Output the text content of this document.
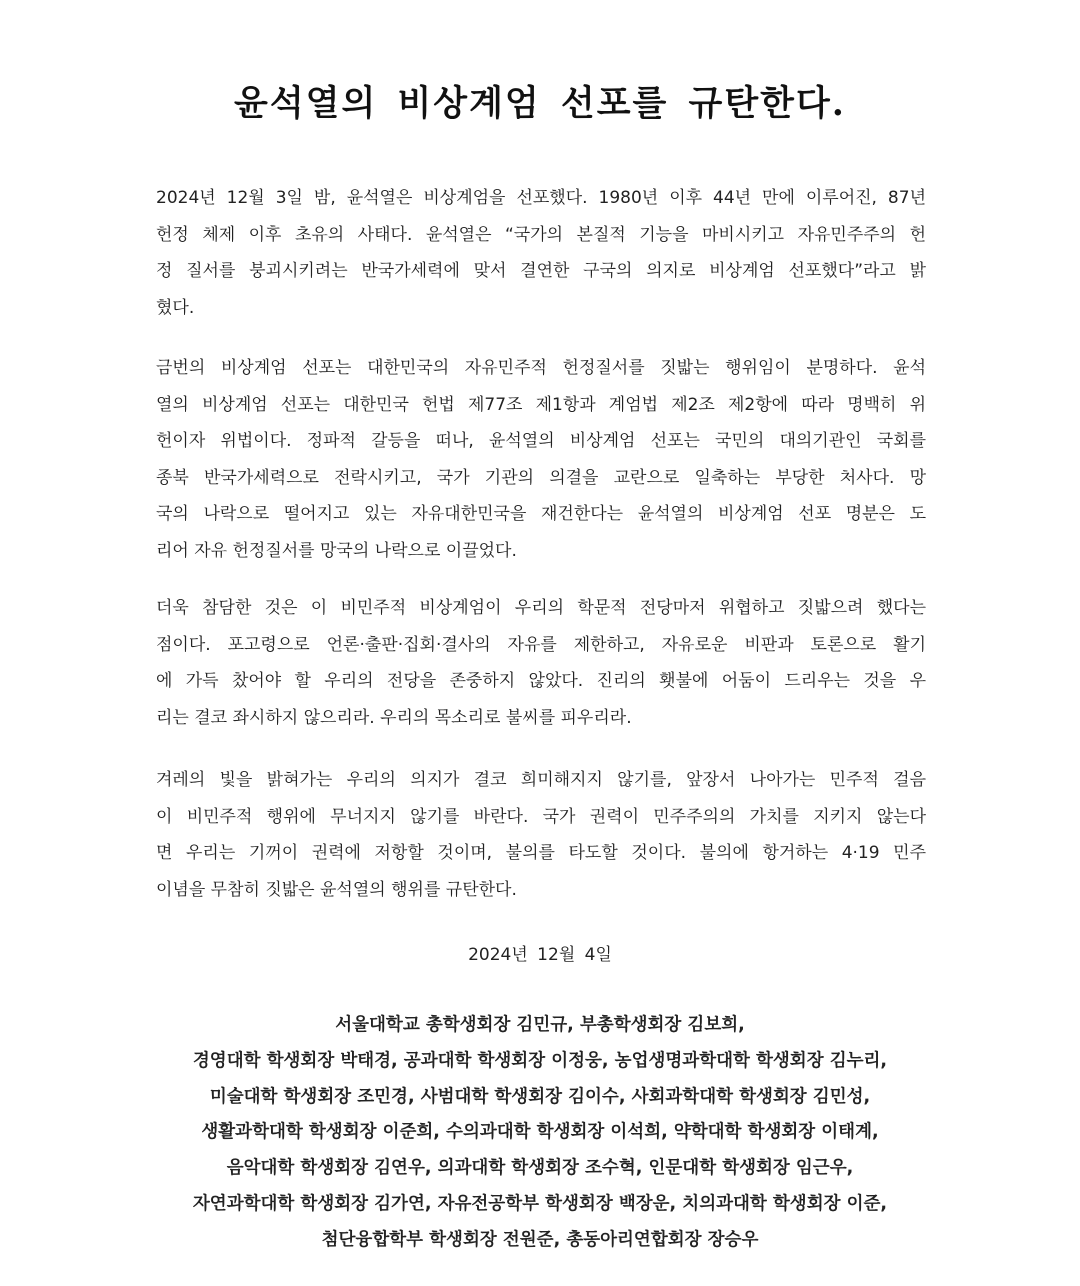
윤석열의 비상계엄 선포를 규탄한다.
2024년 12월 3일 밤, 윤석열은 비상계엄을 선포했다. 1980년 이후 44년 만에 이루어진, 87년
헌정 체제 이후 초유의 사태다. 윤석열은 “국가의 본질적 기능을 마비시키고 자유민주주의 헌
정 질서를 붕괴시키려는 반국가세력에 맞서 결연한 구국의 의지로 비상계엄 선포했다”라고 밝
혔다.
금번의 비상계엄 선포는 대한민국의 자유민주적 헌정질서를 짓밟는 행위임이 분명하다. 윤석
열의 비상계엄 선포는 대한민국 헌법 제77조 제1항과 계엄법 제2조 제2항에 따라 명백히 위
헌이자 위법이다. 정파적 갈등을 떠나, 윤석열의 비상계엄 선포는 국민의 대의기관인 국회를
종북 반국가세력으로 전락시키고, 국가 기관의 의결을 교란으로 일축하는 부당한 처사다. 망
국의 나락으로 떨어지고 있는 자유대한민국을 재건한다는 윤석열의 비상계엄 선포 명분은 도
리어 자유 헌정질서를 망국의 나락으로 이끌었다.
더욱 참담한 것은 이 비민주적 비상계엄이 우리의 학문적 전당마저 위협하고 짓밟으려 했다는
점이다. 포고령으로 언론·출판·집회·결사의 자유를 제한하고, 자유로운 비판과 토론으로 활기
에 가득 찼어야 할 우리의 전당을 존중하지 않았다. 진리의 횃불에 어둠이 드리우는 것을 우
리는 결코 좌시하지 않으리라. 우리의 목소리로 불씨를 피우리라.
겨레의 빛을 밝혀가는 우리의 의지가 결코 희미해지지 않기를, 앞장서 나아가는 민주적 걸음
이 비민주적 행위에 무너지지 않기를 바란다. 국가 권력이 민주주의의 가치를 지키지 않는다
면 우리는 기꺼이 권력에 저항할 것이며, 불의를 타도할 것이다. 불의에 항거하는 4·19 민주
이념을 무참히 짓밟은 윤석열의 행위를 규탄한다.
2024년 12월 4일
서울대학교 총학생회장 김민규, 부총학생회장 김보희,
경영대학 학생회장 박태경, 공과대학 학생회장 이정웅, 농업생명과학대학 학생회장 김누리,
미술대학 학생회장 조민경, 사범대학 학생회장 김이수, 사회과학대학 학생회장 김민성,
생활과학대학 학생회장 이준희, 수의과대학 학생회장 이석희, 약학대학 학생회장 이태계,
음악대학 학생회장 김연우, 의과대학 학생회장 조수혁, 인문대학 학생회장 임근우,
자연과학대학 학생회장 김가연, 자유전공학부 학생회장 백장운, 치의과대학 학생회장 이준,
첨단융합학부 학생회장 전원준, 총동아리연합회장 장승우
